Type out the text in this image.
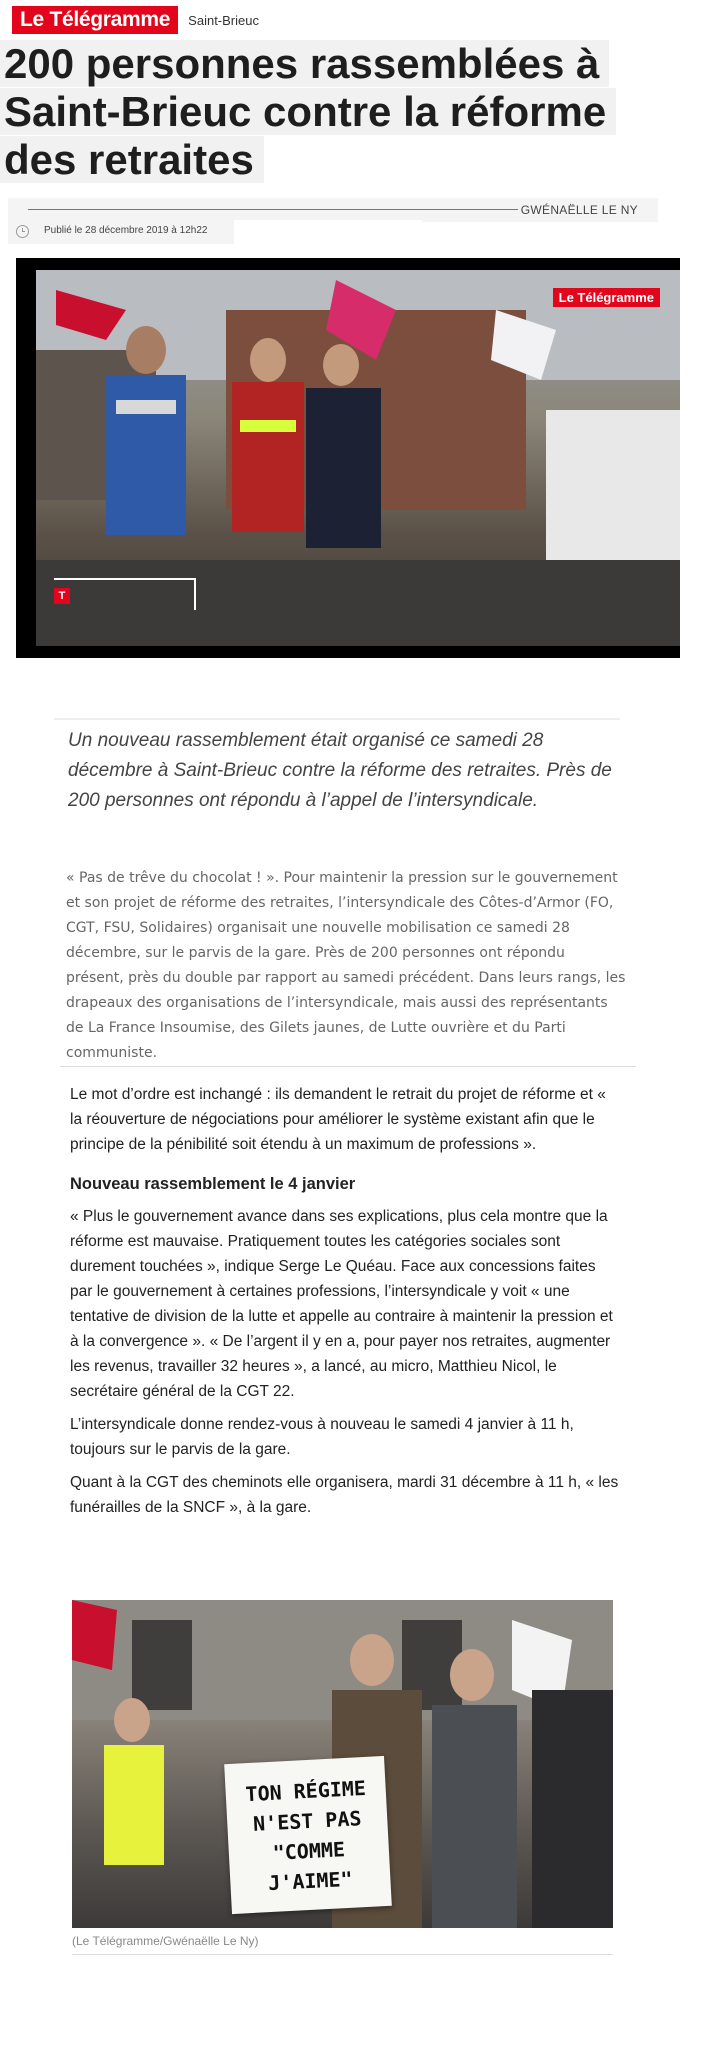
Le Télégramme	Saint-Brieuc
200 personnes rassemblées à Saint-Brieuc contre la réforme des retraites
GWÉNAËLLE LE NY
Publié le 28 décembre 2019 à 12h22
Le Télégramme
T

Un nouveau rassemblement était organisé ce samedi 28 décembre à Saint-Brieuc contre la réforme des retraites. Près de 200 personnes ont répondu à l’appel de l’intersyndicale.

« Pas de trêve du chocolat ! ». Pour maintenir la pression sur le gouvernement et son projet de réforme des retraites, l’intersyndicale des Côtes-d’Armor (FO, CGT, FSU, Solidaires) organisait une nouvelle mobilisation ce samedi 28 décembre, sur le parvis de la gare. Près de 200 personnes ont répondu présent, près du double par rapport au samedi précédent. Dans leurs rangs, les drapeaux des organisations de l’intersyndicale, mais aussi des représentants de La France Insoumise, des Gilets jaunes, de Lutte ouvrière et du Parti communiste.

Le mot d’ordre est inchangé : ils demandent le retrait du projet de réforme et « la réouverture de négociations pour améliorer le système existant afin que le principe de la pénibilité soit étendu à un maximum de professions ».

Nouveau rassemblement le 4 janvier

« Plus le gouvernement avance dans ses explications, plus cela montre que la réforme est mauvaise. Pratiquement toutes les catégories sociales sont durement touchées », indique Serge Le Quéau. Face aux concessions faites par le gouvernement à certaines professions, l’intersyndicale y voit « une tentative de division de la lutte et appelle au contraire à maintenir la pression et à la convergence ». « De l’argent il y en a, pour payer nos retraites, augmenter les revenus, travailler 32 heures », a lancé, au micro, Matthieu Nicol, le secrétaire général de la CGT 22.

L’intersyndicale donne rendez-vous à nouveau le samedi 4 janvier à 11 h, toujours sur le parvis de la gare.

Quant à la CGT des cheminots elle organisera, mardi 31 décembre à 11 h, « les funérailles de la SNCF », à la gare.

TON RÉGIME
N'EST PAS
"COMME J'AIME"
(Le Télégramme/Gwénaëlle Le Ny)
